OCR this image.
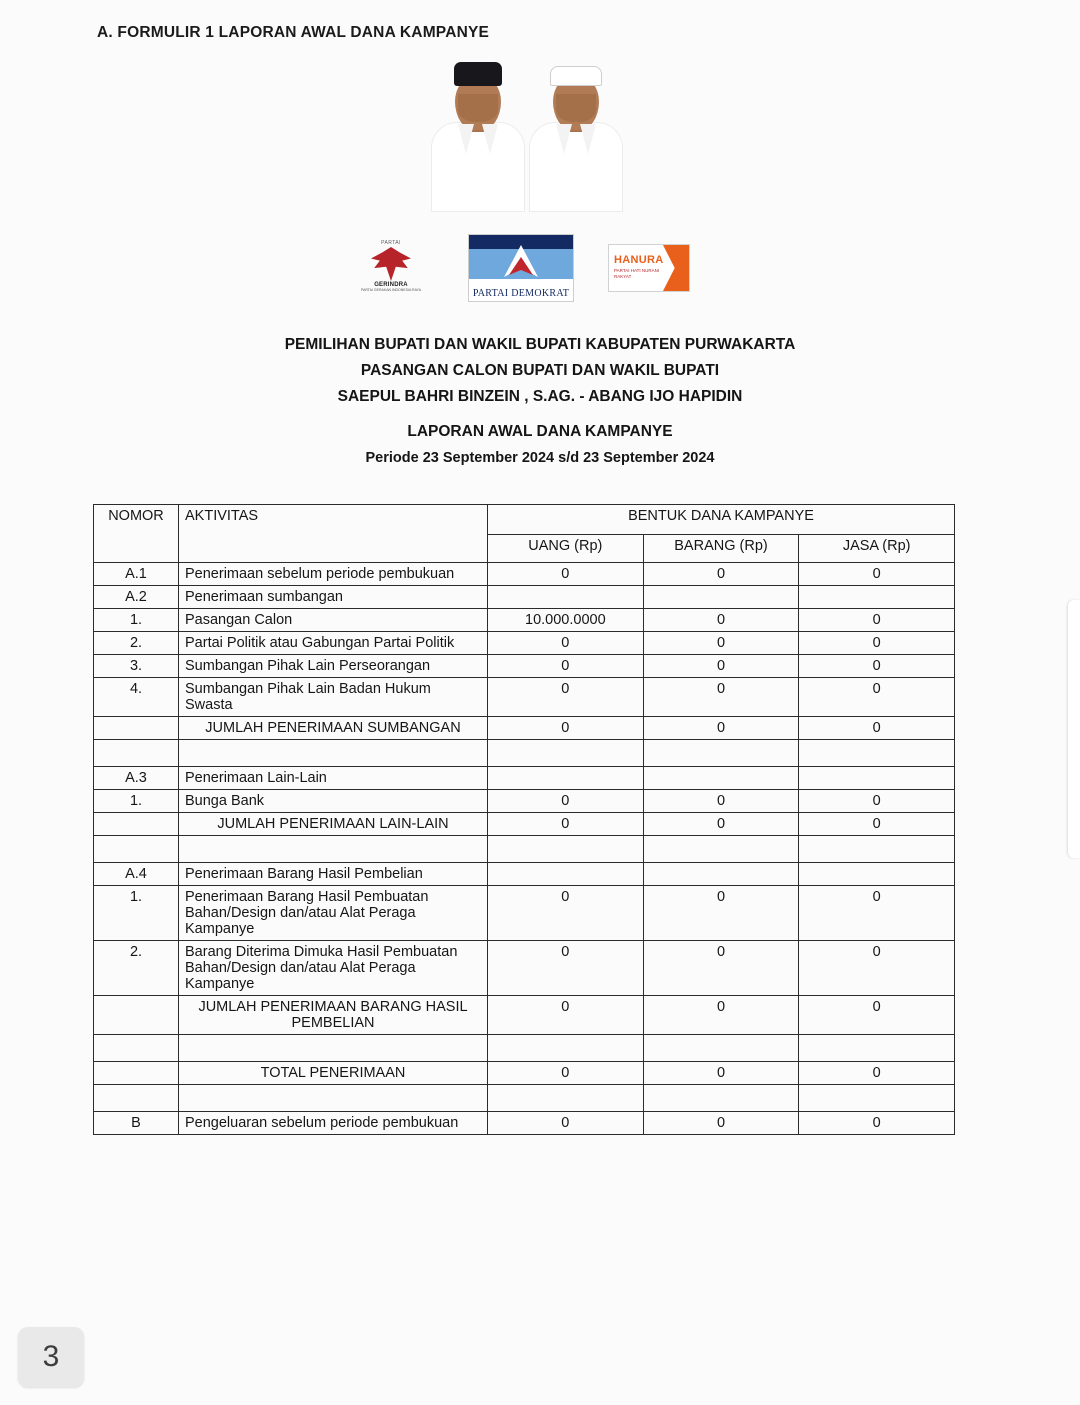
A. FORMULIR 1 LAPORAN AWAL DANA KAMPANYE
PARTAI
GERINDRA
PARTAI GERAKAN INDONESIA RAYA	PARTAI DEMOKRAT
HANURA
PARTAI HATI NURANI RAKYAT
PEMILIHAN BUPATI DAN WAKIL BUPATI KABUPATEN PURWAKARTA
PASANGAN CALON BUPATI DAN WAKIL BUPATI
SAEPUL BAHRI BINZEIN , S.AG. - ABANG IJO HAPIDIN
LAPORAN AWAL DANA KAMPANYE
Periode 23 September 2024 s/d 23 September 2024
NOMOR	AKTIVITAS	BENTUK DANA KAMPANYE		
		UANG (Rp)	BARANG (Rp)	JASA (Rp)
A.1	Penerimaan sebelum periode pembukuan	0	0	0
A.2	Penerimaan sumbangan			
1.	Pasangan Calon	10.000.0000	0	0
2.	Partai Politik atau Gabungan Partai Politik	0	0	0
3.	Sumbangan Pihak Lain Perseorangan	0	0	0
4.	Sumbangan Pihak Lain Badan Hukum Swasta	0	0	0
	JUMLAH PENERIMAAN SUMBANGAN	0	0	0

A.3	Penerimaan Lain-Lain			
1.	Bunga Bank	0	0	0
	JUMLAH PENERIMAAN LAIN-LAIN	0	0	0

A.4	Penerimaan Barang Hasil Pembelian			
1.	Penerimaan Barang Hasil Pembuatan Bahan/Design dan/atau Alat Peraga Kampanye	0	0	0
2.	Barang Diterima Dimuka Hasil Pembuatan Bahan/Design dan/atau Alat Peraga Kampanye	0	0	0
	JUMLAH PENERIMAAN BARANG HASIL PEMBELIAN	0	0	0

	TOTAL PENERIMAAN	0	0	0

B	Pengeluaran sebelum periode pembukuan	0	0	0
3
